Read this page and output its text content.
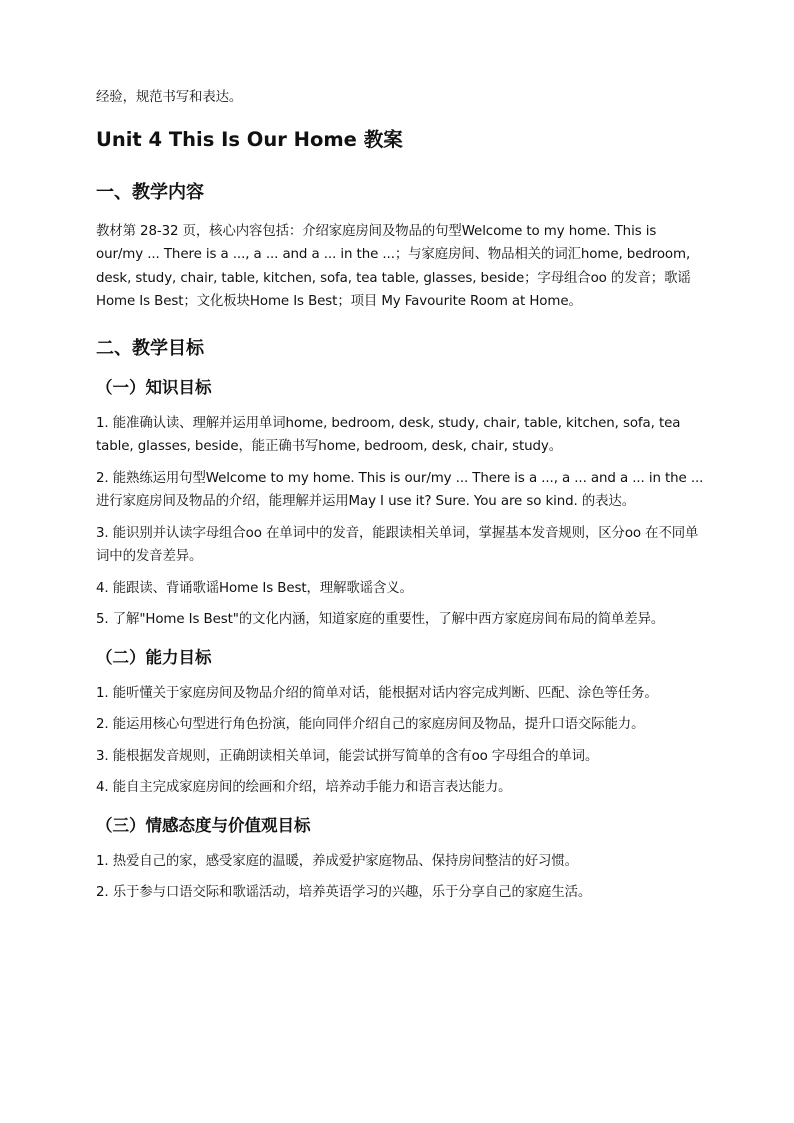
经验，规范书写和表达。

Unit 4 This Is Our Home 教案
一、教学内容

教材第 28-32 页，核心内容包括：介绍家庭房间及物品的句型Welcome to my home. This is our/my ... There is a ..., a ... and a ... in the ...；与家庭房间、物品相关的词汇home, bedroom, desk, study, chair, table, kitchen, sofa, tea table, glasses, beside；字母组合oo 的发音；歌谣Home Is Best；文化板块Home Is Best；项目 My Favourite Room at Home。

二、教学目标
（一）知识目标

1. 能准确认读、理解并运用单词home, bedroom, desk, study, chair, table, kitchen, sofa, tea table, glasses, beside，能正确书写home, bedroom, desk, chair, study。

2. 能熟练运用句型Welcome to my home. This is our/my ... There is a ..., a ... and a ... in the ... 进行家庭房间及物品的介绍，能理解并运用May I use it? Sure. You are so kind. 的表达。

3. 能识别并认读字母组合oo 在单词中的发音，能跟读相关单词，掌握基本发音规则，区分oo 在不同单词中的发音差异。

4. 能跟读、背诵歌谣Home Is Best，理解歌谣含义。

5. 了解"Home Is Best"的文化内涵，知道家庭的重要性，了解中西方家庭房间布局的简单差异。

（二）能力目标

1. 能听懂关于家庭房间及物品介绍的简单对话，能根据对话内容完成判断、匹配、涂色等任务。

2. 能运用核心句型进行角色扮演，能向同伴介绍自己的家庭房间及物品，提升口语交际能力。

3. 能根据发音规则，正确朗读相关单词，能尝试拼写简单的含有oo 字母组合的单词。

4. 能自主完成家庭房间的绘画和介绍，培养动手能力和语言表达能力。

（三）情感态度与价值观目标

1. 热爱自己的家，感受家庭的温暖，养成爱护家庭物品、保持房间整洁的好习惯。

2. 乐于参与口语交际和歌谣活动，培养英语学习的兴趣，乐于分享自己的家庭生活。
